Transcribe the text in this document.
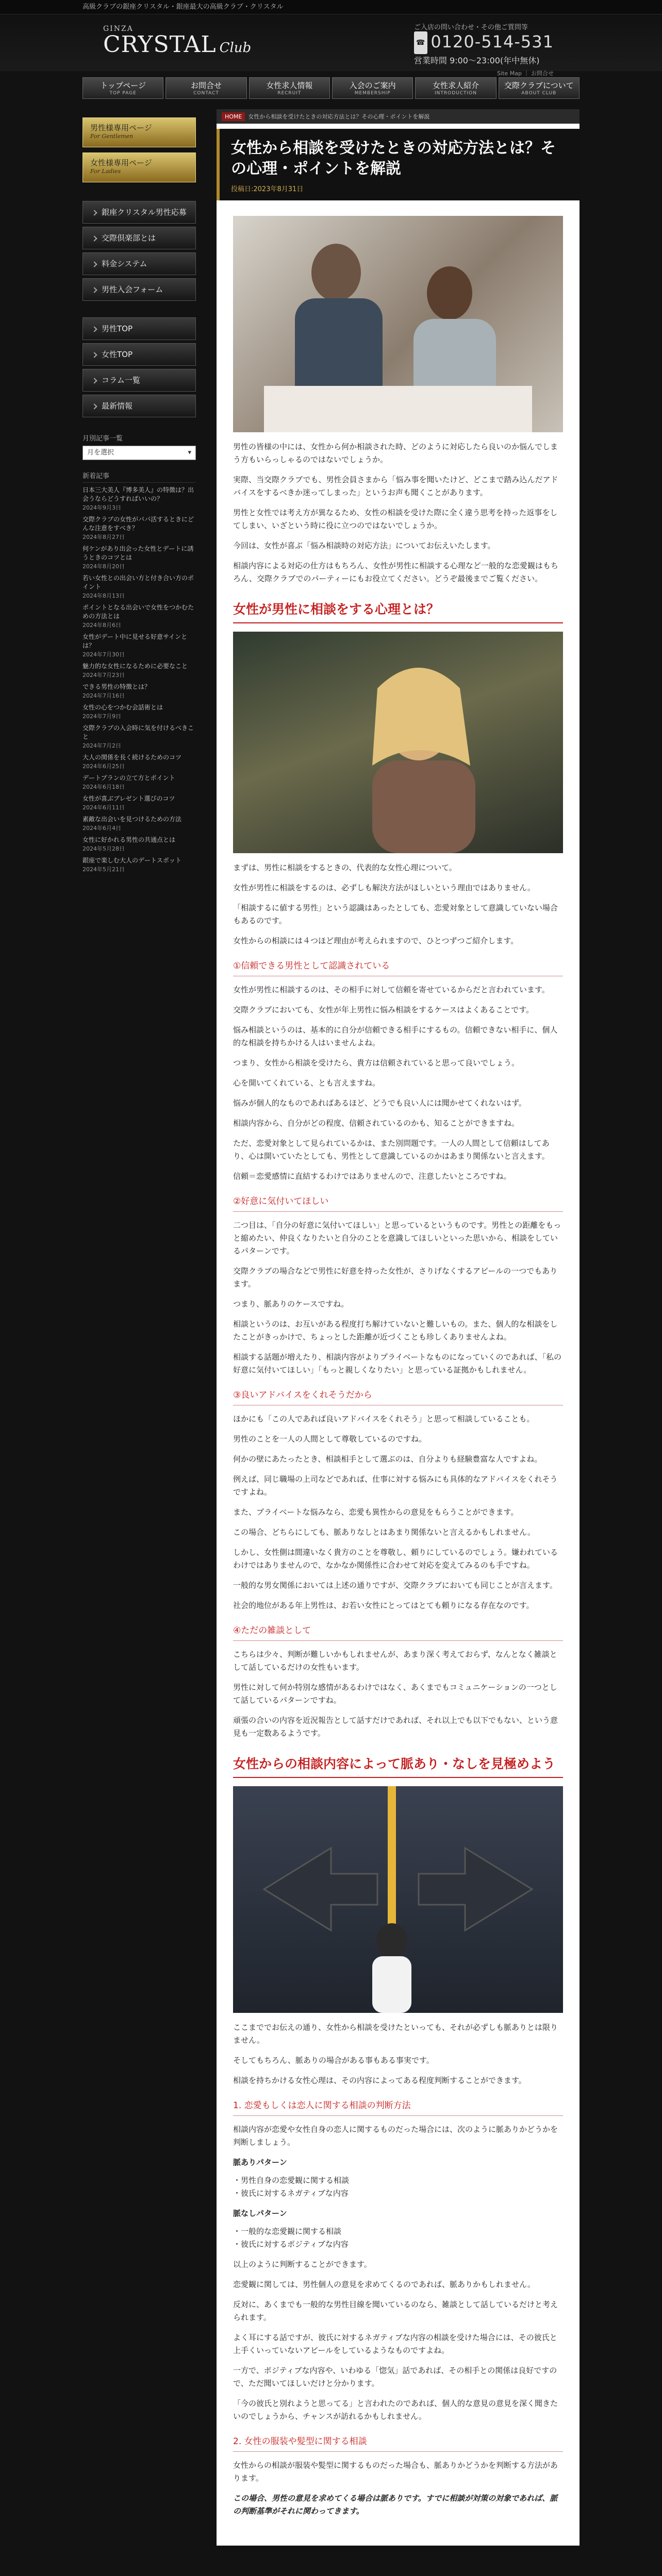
高級クラブの銀座クリスタル・銀座最大の高級クラブ・クリスタル
GINZA
CRYSTAL Club
ご入店の問い合わせ・その他ご質問等
☎ 0120-514-531
営業時間 9:00～23:00(年中無休)
Site Map ｜ お問合せ
トップページ
TOP PAGE
お問合せ
CONTACT
女性求人情報
RECRUIT
入会のご案内
MEMBERSHIP
女性求人紹介
INTRODUCTION
交際クラブについて
ABOUT CLUB
男性様専用ページ
For Gentlemen
女性様専用ページ
For Ladies
銀座クリスタル男性応募
交際倶楽部とは
料金システム
男性入会フォーム
男性TOP
女性TOP
コラム一覧
最新情報
月別記事一覧
月を選択 ▾
新着記事
日本三大美人『博多美人』の特徴は？出会うならどうすればいいの？
2024年9月3日
交際クラブの女性がパパ活するときにどんな注意をすべき？
2024年8月27日
何ケンがあり出会った女性とデートに誘うときのコツとは
2024年8月20日
若い女性との出会い方と付き合い方のポイント
2024年8月13日
ポイントとなる出会いで女性をつかむための方法とは
2024年8月6日
女性がデート中に見せる好意サインとは？
2024年7月30日
魅力的な女性になるために必要なこと
2024年7月23日
できる男性の特徴とは？
2024年7月16日
女性の心をつかむ会話術とは
2024年7月9日
交際クラブの入会時に気を付けるべきこと
2024年7月2日
大人の関係を長く続けるためのコツ
2024年6月25日
デートプランの立て方とポイント
2024年6月18日
女性が喜ぶプレゼント選びのコツ
2024年6月11日
素敵な出会いを見つけるための方法
2024年6月4日
女性に好かれる男性の共通点とは
2024年5月28日
銀座で楽しむ大人のデートスポット
2024年5月21日
HOME 女性から相談を受けたときの対応方法とは？その心理・ポイントを解説
女性から相談を受けたときの対応方法とは？その心理・ポイントを解説
投稿日:2023年8月31日

男性の皆様の中には、女性から何か相談された時、どのように対応したら良いのか悩んでしまう方もいらっしゃるのではないでしょうか。

実際、当交際クラブでも、男性会員さまから「悩み事を聞いたけど、どこまで踏み込んだアドバイスをするべきか迷ってしまった」というお声も聞くことがあります。

男性と女性では考え方が異なるため、女性の相談を受けた際に全く違う思考を持った返事をしてしまい、いざという時に役に立つのではないでしょうか。

今回は、女性が喜ぶ「悩み相談時の対応方法」についてお伝えいたします。

相談内容による対応の仕方はもちろん、女性が男性に相談する心理など一般的な恋愛観はもちろん、交際クラブでのパーティーにもお役立てください。どうぞ最後までご覧ください。

女性が男性に相談をする心理とは？

まずは、男性に相談をするときの、代表的な女性心理について。

女性が男性に相談をするのは、必ずしも解決方法がほしいという理由ではありません。

「相談するに値する男性」という認識はあったとしても、恋愛対象として意識していない場合もあるのです。

女性からの相談には４つほど理由が考えられますので、ひとつずつご紹介します。

①信頼できる男性として認識されている

女性が男性に相談するのは、その相手に対して信頼を寄せているからだと言われています。

交際クラブにおいても、女性が年上男性に悩み相談をするケースはよくあることです。

悩み相談というのは、基本的に自分が信頼できる相手にするもの。信頼できない相手に、個人的な相談を持ちかける人はいませんよね。

つまり、女性から相談を受けたら、貴方は信頼されていると思って良いでしょう。

心を開いてくれている、とも言えますね。

悩みが個人的なものであればあるほど、どうでも良い人には聞かせてくれないはず。

相談内容から、自分がどの程度、信頼されているのかも、知ることができますね。

ただ、恋愛対象として見られているかは、また別問題です。一人の人間として信頼はしてあり、心は開いていたとしても、男性として意識しているのかはあまり関係ないと言えます。

信頼＝恋愛感情に直結するわけではありませんので、注意したいところですね。

②好意に気付いてほしい

二つ目は、「自分の好意に気付いてほしい」と思っているというものです。男性との距離をもっと縮めたい、仲良くなりたいと自分のことを意識してほしいといった思いから、相談をしているパターンです。

交際クラブの場合などで男性に好意を持った女性が、さりげなくするアピールの一つでもあります。

つまり、脈ありのケースですね。

相談というのは、お互いがある程度打ち解けていないと難しいもの。また、個人的な相談をしたことがきっかけで、ちょっとした距離が近づくことも珍しくありませんよね。

相談する話題が増えたり、相談内容がよりプライベートなものになっていくのであれば、「私の好意に気付いてほしい」「もっと親しくなりたい」と思っている証拠かもしれません。

③良いアドバイスをくれそうだから

ほかにも「この人であれば良いアドバイスをくれそう」と思って相談していることも。

男性のことを一人の人間として尊敬しているのですね。

何かの壁にあたったとき、相談相手として選ぶのは、自分よりも経験豊富な人ですよね。

例えば、同じ職場の上司などであれば、仕事に対する悩みにも具体的なアドバイスをくれそうですよね。

また、プライベートな悩みなら、恋愛も異性からの意見をもらうことができます。

この場合、どちらにしても、脈ありなしとはあまり関係ないと言えるかもしれません。

しかし、女性側は間違いなく貴方のことを尊敬し、頼りにしているのでしょう。嫌われているわけではありませんので、なかなか関係性に合わせて対応を変えてみるのも手ですね。

一般的な男女関係においては上述の通りですが、交際クラブにおいても同じことが言えます。

社会的地位がある年上男性は、お若い女性にとってはとても頼りになる存在なのです。

④ただの雑談として

こちらは少々、判断が難しいかもしれませんが、あまり深く考えておらず、なんとなく雑談として話しているだけの女性もいます。

男性に対して何か特別な感情があるわけではなく、あくまでもコミュニケーションの一つとして話しているパターンですね。

頑張の合いの内容を近況報告として話すだけであれば、それ以上でも以下でもない、という意見も一定数あるようです。

女性からの相談内容によって脈あり・なしを見極めよう

ここまででお伝えの通り、女性から相談を受けたといっても、それが必ずしも脈ありとは限りません。

そしてもちろん、脈ありの場合がある事もある事実です。

相談を持ちかける女性心理は、その内容によってある程度判断することができます。

1. 恋愛もしくは恋人に関する相談の判断方法

相談内容が恋愛や女性自身の恋人に関するものだった場合には、次のように脈ありかどうかを判断しましょう。

脈ありパターン

・男性自身の恋愛観に関する相談
・彼氏に対するネガティブな内容

脈なしパターン

・一般的な恋愛観に関する相談
・彼氏に対するポジティブな内容

以上のように判断することができます。

恋愛観に関しては、男性個人の意見を求めてくるのであれば、脈ありかもしれません。

反対に、あくまでも一般的な男性目線を聞いているのなら、雑談として話しているだけと考えられます。

よく耳にする話ですが、彼氏に対するネガティブな内容の相談を受けた場合には、その彼氏と上手くいっていないアピールをしているようなものですよね。

一方で、ポジティブな内容や、いわゆる「惚気」話であれば、その相手との関係は良好ですので、ただ聞いてほしいだけと分かります。

「今の彼氏と別れようと思ってる」と言われたのであれば、個人的な意見の意見を深く聞きたいのでしょうから、チャンスが訪れるかもしれません。

2. 女性の服装や髪型に関する相談

女性からの相談が服装や髪型に関するものだった場合も、脈ありかどうかを判断する方法があります。

この場合、男性の意見を求めてくる場合は脈ありです。すでに相談が対策の対象であれば、脈の判断基準がそれに関わってきます。
